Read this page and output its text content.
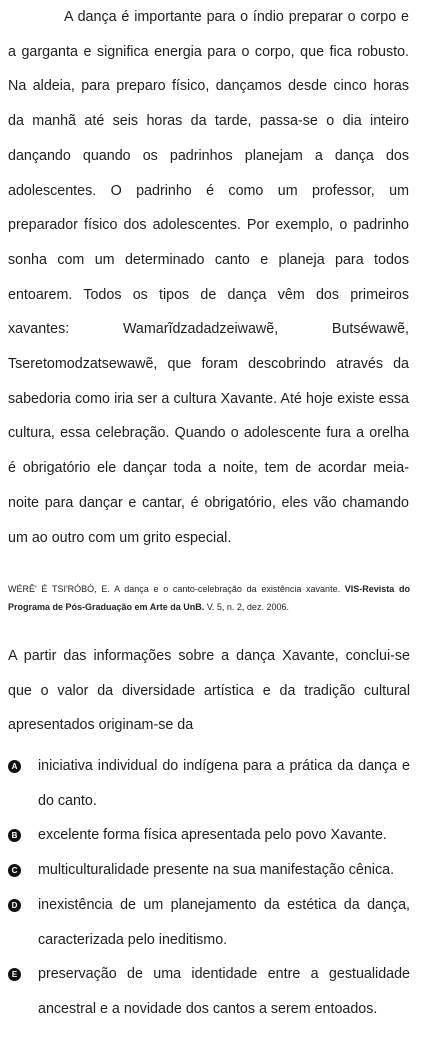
A dança é importante para o índio preparar o corpo e a garganta e significa energia para o corpo, que fica robusto. Na aldeia, para preparo físico, dançamos desde cinco horas da manhã até seis horas da tarde, passa-se o dia inteiro dançando quando os padrinhos planejam a dança dos adolescentes. O padrinho é como um professor, um preparador físico dos adolescentes. Por exemplo, o padrinho sonha com um determinado canto e planeja para todos entoarem. Todos os tipos de dança vêm dos primeiros xavantes: Wamarĩdzadadzeiwawẽ, Butséwawẽ, Tseretomodzatsewawẽ, que foram descobrindo através da sabedoria como iria ser a cultura Xavante. Até hoje existe essa cultura, essa celebração. Quando o adolescente fura a orelha é obrigatório ele dançar toda a noite, tem de acordar meia-noite para dançar e cantar, é obrigatório, eles vão chamando um ao outro com um grito especial.

WÉRÊ' É TSI'RÓBÓ, E. A dança e o canto-celebração da existência xavante. VIS-Revista do Programa de Pós-Graduação em Arte da UnB. V. 5, n. 2, dez. 2006.

A partir das informações sobre a dança Xavante, conclui-se que o valor da diversidade artística e da tradição cultural apresentados originam-se da

A iniciativa individual do indígena para a prática da dança e do canto.
B excelente forma física apresentada pelo povo Xavante.
C multiculturalidade presente na sua manifestação cênica.
D inexistência de um planejamento da estética da dança, caracterizada pelo ineditismo.
E preservação de uma identidade entre a gestualidade ancestral e a novidade dos cantos a serem entoados.
